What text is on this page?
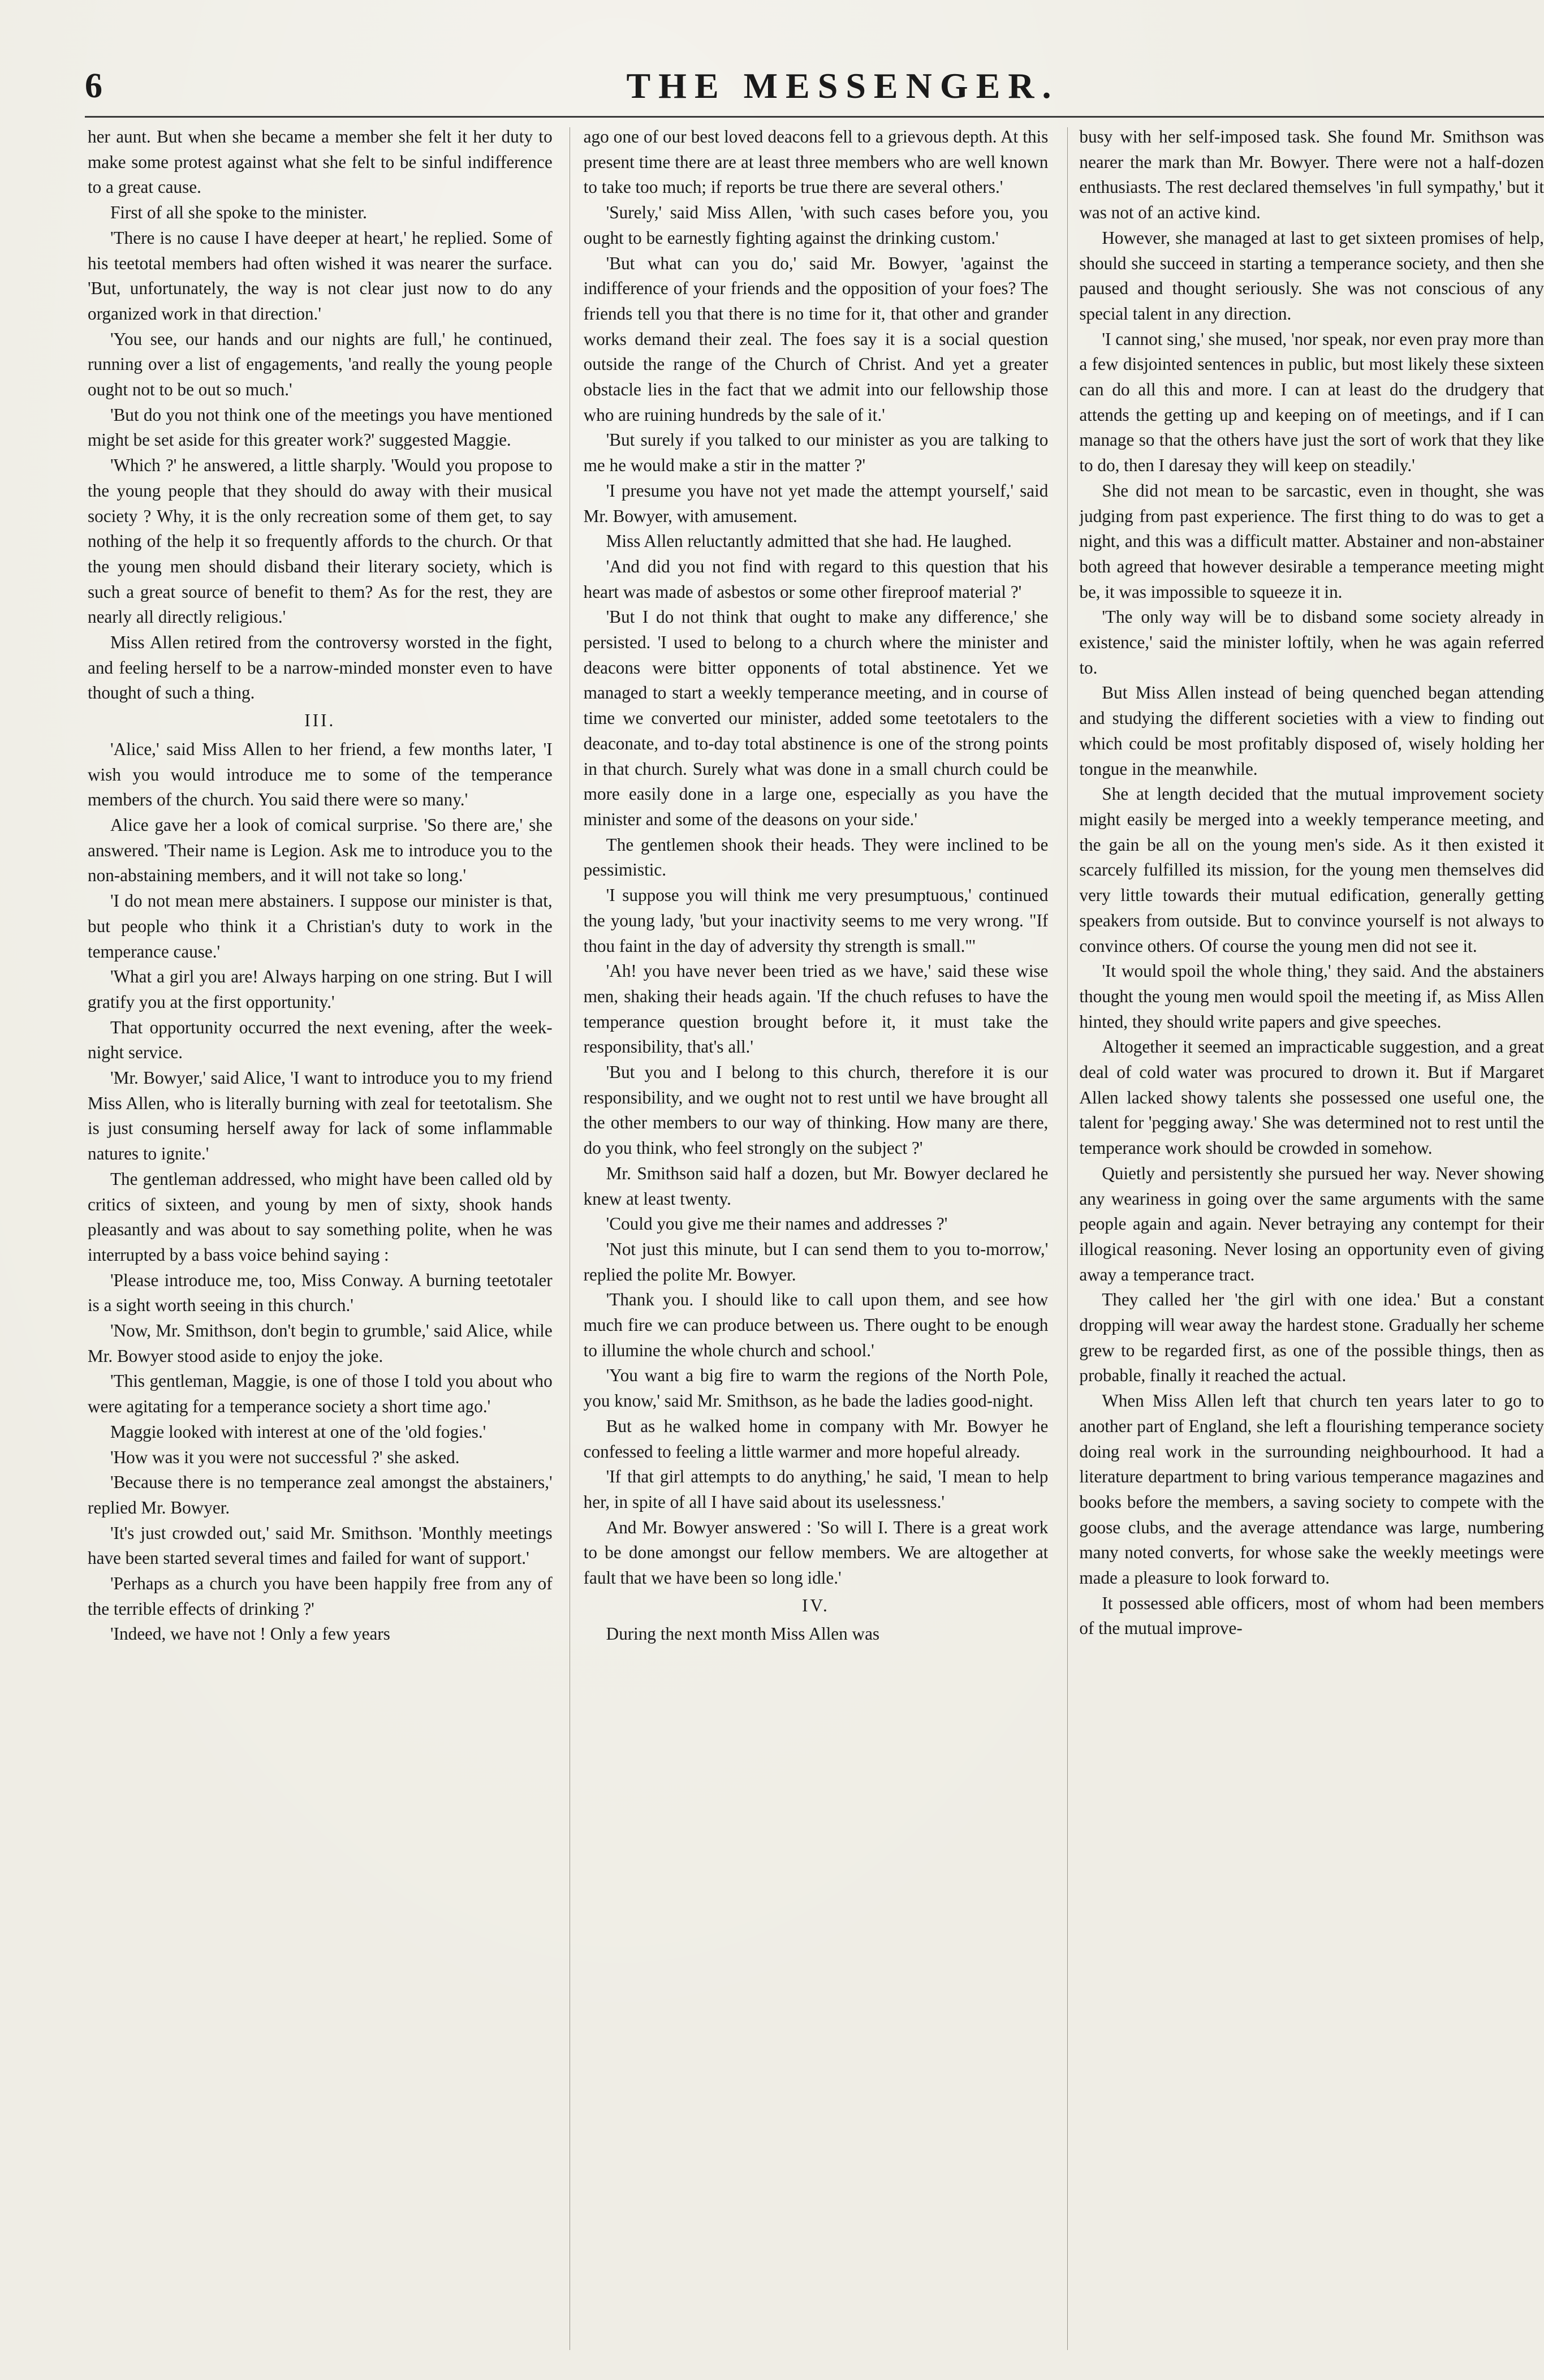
6	THE MESSENGER.

her aunt. But when she became a member she felt it her duty to make some protest against what she felt to be sinful indifference to a great cause.

First of all she spoke to the minister.

'There is no cause I have deeper at heart,' he replied. Some of his teetotal members had often wished it was nearer the surface. 'But, unfortunately, the way is not clear just now to do any organized work in that direction.'

'You see, our hands and our nights are full,' he continued, running over a list of engagements, 'and really the young people ought not to be out so much.'

'But do you not think one of the meetings you have mentioned might be set aside for this greater work?' suggested Maggie.

'Which ?' he answered, a little sharply. 'Would you propose to the young people that they should do away with their musical society ? Why, it is the only recreation some of them get, to say nothing of the help it so frequently affords to the church. Or that the young men should disband their literary society, which is such a great source of benefit to them? As for the rest, they are nearly all directly religious.'

Miss Allen retired from the controversy worsted in the fight, and feeling herself to be a narrow-minded monster even to have thought of such a thing.

III.

'Alice,' said Miss Allen to her friend, a few months later, 'I wish you would introduce me to some of the temperance members of the church. You said there were so many.'

Alice gave her a look of comical surprise. 'So there are,' she answered. 'Their name is Legion. Ask me to introduce you to the non-abstaining members, and it will not take so long.'

'I do not mean mere abstainers. I suppose our minister is that, but people who think it a Christian's duty to work in the temperance cause.'

'What a girl you are! Always harping on one string. But I will gratify you at the first opportunity.'

That opportunity occurred the next evening, after the week-night service.

'Mr. Bowyer,' said Alice, 'I want to introduce you to my friend Miss Allen, who is literally burning with zeal for teetotalism. She is just consuming herself away for lack of some inflammable natures to ignite.'

The gentleman addressed, who might have been called old by critics of sixteen, and young by men of sixty, shook hands pleasantly and was about to say something polite, when he was interrupted by a bass voice behind saying :

'Please introduce me, too, Miss Conway. A burning teetotaler is a sight worth seeing in this church.'

'Now, Mr. Smithson, don't begin to grumble,' said Alice, while Mr. Bowyer stood aside to enjoy the joke.

'This gentleman, Maggie, is one of those I told you about who were agitating for a temperance society a short time ago.'

Maggie looked with interest at one of the 'old fogies.'

'How was it you were not successful ?' she asked.

'Because there is no temperance zeal amongst the abstainers,' replied Mr. Bowyer.

'It's just crowded out,' said Mr. Smithson. 'Monthly meetings have been started several times and failed for want of support.'

'Perhaps as a church you have been happily free from any of the terrible effects of drinking ?'

'Indeed, we have not ! Only a few years

ago one of our best loved deacons fell to a grievous depth. At this present time there are at least three members who are well known to take too much; if reports be true there are several others.'

'Surely,' said Miss Allen, 'with such cases before you, you ought to be earnestly fighting against the drinking custom.'

'But what can you do,' said Mr. Bowyer, 'against the indifference of your friends and the opposition of your foes? The friends tell you that there is no time for it, that other and grander works demand their zeal. The foes say it is a social question outside the range of the Church of Christ. And yet a greater obstacle lies in the fact that we admit into our fellowship those who are ruining hundreds by the sale of it.'

'But surely if you talked to our minister as you are talking to me he would make a stir in the matter ?'

'I presume you have not yet made the attempt yourself,' said Mr. Bowyer, with amusement.

Miss Allen reluctantly admitted that she had. He laughed.

'And did you not find with regard to this question that his heart was made of asbestos or some other fireproof material ?'

'But I do not think that ought to make any difference,' she persisted. 'I used to belong to a church where the minister and deacons were bitter opponents of total abstinence. Yet we managed to start a weekly temperance meeting, and in course of time we converted our minister, added some teetotalers to the deaconate, and to-day total abstinence is one of the strong points in that church. Surely what was done in a small church could be more easily done in a large one, especially as you have the minister and some of the deasons on your side.'

The gentlemen shook their heads. They were inclined to be pessimistic.

'I suppose you will think me very presumptuous,' continued the young lady, 'but your inactivity seems to me very wrong. "If thou faint in the day of adversity thy strength is small."'

'Ah! you have never been tried as we have,' said these wise men, shaking their heads again. 'If the chuch refuses to have the temperance question brought before it, it must take the responsibility, that's all.'

'But you and I belong to this church, therefore it is our responsibility, and we ought not to rest until we have brought all the other members to our way of thinking. How many are there, do you think, who feel strongly on the subject ?'

Mr. Smithson said half a dozen, but Mr. Bowyer declared he knew at least twenty.

'Could you give me their names and addresses ?'

'Not just this minute, but I can send them to you to-morrow,' replied the polite Mr. Bowyer.

'Thank you. I should like to call upon them, and see how much fire we can produce between us. There ought to be enough to illumine the whole church and school.'

'You want a big fire to warm the regions of the North Pole, you know,' said Mr. Smithson, as he bade the ladies good-night.

But as he walked home in company with Mr. Bowyer he confessed to feeling a little warmer and more hopeful already.

'If that girl attempts to do anything,' he said, 'I mean to help her, in spite of all I have said about its uselessness.'

And Mr. Bowyer answered : 'So will I. There is a great work to be done amongst our fellow members. We are altogether at fault that we have been so long idle.'

IV.

During the next month Miss Allen was

busy with her self-imposed task. She found Mr. Smithson was nearer the mark than Mr. Bowyer. There were not a half-dozen enthusiasts. The rest declared themselves 'in full sympathy,' but it was not of an active kind.

However, she managed at last to get sixteen promises of help, should she succeed in starting a temperance society, and then she paused and thought seriously. She was not conscious of any special talent in any direction.

'I cannot sing,' she mused, 'nor speak, nor even pray more than a few disjointed sentences in public, but most likely these sixteen can do all this and more. I can at least do the drudgery that attends the getting up and keeping on of meetings, and if I can manage so that the others have just the sort of work that they like to do, then I daresay they will keep on steadily.'

She did not mean to be sarcastic, even in thought, she was judging from past experience. The first thing to do was to get a night, and this was a difficult matter. Abstainer and non-abstainer both agreed that however desirable a temperance meeting might be, it was impossible to squeeze it in.

'The only way will be to disband some society already in existence,' said the minister loftily, when he was again referred to.

But Miss Allen instead of being quenched began attending and studying the different societies with a view to finding out which could be most profitably disposed of, wisely holding her tongue in the meanwhile.

She at length decided that the mutual improvement society might easily be merged into a weekly temperance meeting, and the gain be all on the young men's side. As it then existed it scarcely fulfilled its mission, for the young men themselves did very little towards their mutual edification, generally getting speakers from outside. But to convince yourself is not always to convince others. Of course the young men did not see it.

'It would spoil the whole thing,' they said. And the abstainers thought the young men would spoil the meeting if, as Miss Allen hinted, they should write papers and give speeches.

Altogether it seemed an impracticable suggestion, and a great deal of cold water was procured to drown it. But if Margaret Allen lacked showy talents she possessed one useful one, the talent for 'pegging away.' She was determined not to rest until the temperance work should be crowded in somehow.

Quietly and persistently she pursued her way. Never showing any weariness in going over the same arguments with the same people again and again. Never betraying any contempt for their illogical reasoning. Never losing an opportunity even of giving away a temperance tract.

They called her 'the girl with one idea.' But a constant dropping will wear away the hardest stone. Gradually her scheme grew to be regarded first, as one of the possible things, then as probable, finally it reached the actual.

When Miss Allen left that church ten years later to go to another part of England, she left a flourishing temperance society doing real work in the surrounding neighbourhood. It had a literature department to bring various temperance magazines and books before the members, a saving society to compete with the goose clubs, and the average attendance was large, numbering many noted converts, for whose sake the weekly meetings were made a pleasure to look forward to.

It possessed able officers, most of whom had been members of the mutual improve-
